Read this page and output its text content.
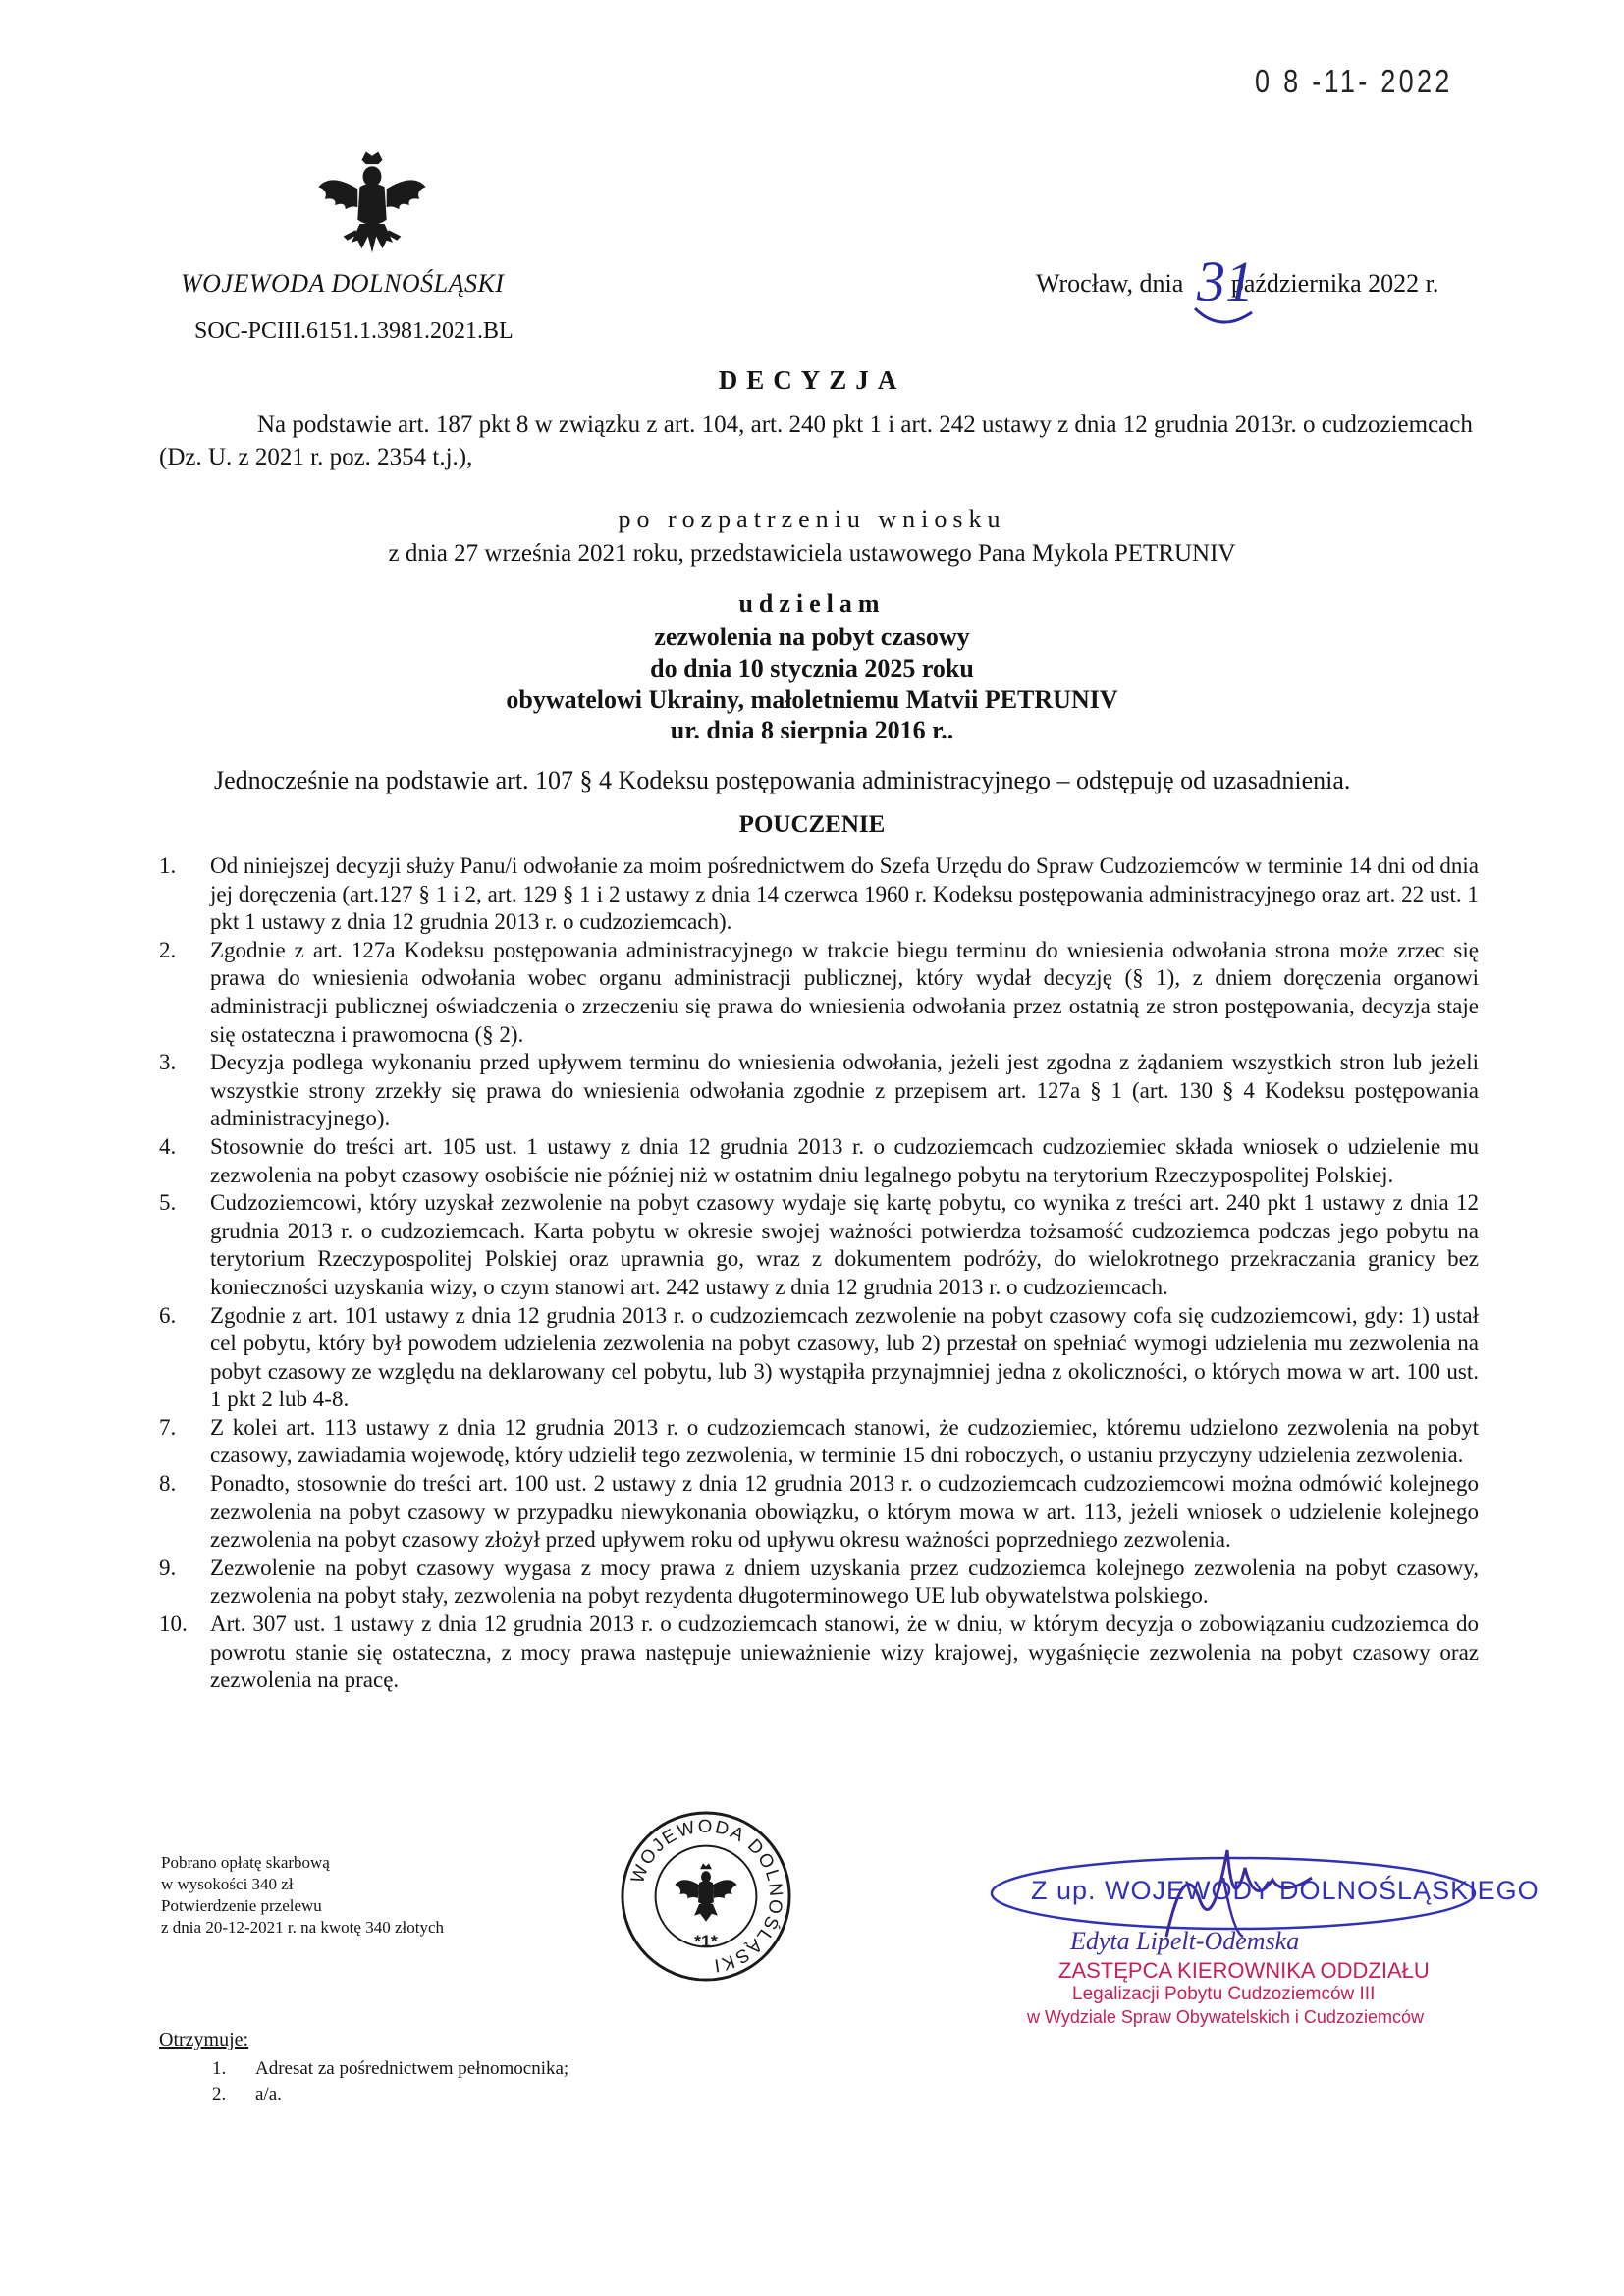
0 8 -11- 2022
WOJEWODA DOLNOŚLĄSKI
SOC-PCIII.6151.1.3981.2021.BL
Wrocław, dnia października 2022 r.
31
DECYZJA
Na podstawie art. 187 pkt 8 w związku z art. 104, art. 240 pkt 1 i art. 242 ustawy z dnia 12 grudnia 2013r. o cudzoziemcach (Dz. U. z 2021 r. poz. 2354 t.j.),
po rozpatrzeniu wniosku
z dnia 27 września 2021 roku, przedstawiciela ustawowego Pana Mykola PETRUNIV
udzielam
zezwolenia na pobyt czasowy
do dnia 10 stycznia 2025 roku
obywatelowi Ukrainy, małoletniemu Matvii PETRUNIV
ur. dnia 8 sierpnia 2016 r..
Jednocześnie na podstawie art. 107 § 4 Kodeksu postępowania administracyjnego – odstępuję od uzasadnienia.
POUCZENIE
1. Od niniejszej decyzji służy Panu/i odwołanie za moim pośrednictwem do Szefa Urzędu do Spraw Cudzoziemców w terminie 14 dni od dnia jej doręczenia (art.127 § 1 i 2, art. 129 § 1 i 2 ustawy z dnia 14 czerwca 1960 r. Kodeksu postępowania administracyjnego oraz art. 22 ust. 1 pkt 1 ustawy z dnia 12 grudnia 2013 r. o cudzoziemcach).
2. Zgodnie z art. 127a Kodeksu postępowania administracyjnego w trakcie biegu terminu do wniesienia odwołania strona może zrzec się prawa do wniesienia odwołania wobec organu administracji publicznej, który wydał decyzję (§ 1), z dniem doręczenia organowi administracji publicznej oświadczenia o zrzeczeniu się prawa do wniesienia odwołania przez ostatnią ze stron postępowania, decyzja staje się ostateczna i prawomocna (§ 2).
3. Decyzja podlega wykonaniu przed upływem terminu do wniesienia odwołania, jeżeli jest zgodna z żądaniem wszystkich stron lub jeżeli wszystkie strony zrzekły się prawa do wniesienia odwołania zgodnie z przepisem art. 127a § 1 (art. 130 § 4 Kodeksu postępowania administracyjnego).
4. Stosownie do treści art. 105 ust. 1 ustawy z dnia 12 grudnia 2013 r. o cudzoziemcach cudzoziemiec składa wniosek o udzielenie mu zezwolenia na pobyt czasowy osobiście nie później niż w ostatnim dniu legalnego pobytu na terytorium Rzeczypospolitej Polskiej.
5. Cudzoziemcowi, który uzyskał zezwolenie na pobyt czasowy wydaje się kartę pobytu, co wynika z treści art. 240 pkt 1 ustawy z dnia 12 grudnia 2013 r. o cudzoziemcach. Karta pobytu w okresie swojej ważności potwierdza tożsamość cudzoziemca podczas jego pobytu na terytorium Rzeczypospolitej Polskiej oraz uprawnia go, wraz z dokumentem podróży, do wielokrotnego przekraczania granicy bez konieczności uzyskania wizy, o czym stanowi art. 242 ustawy z dnia 12 grudnia 2013 r. o cudzoziemcach.
6. Zgodnie z art. 101 ustawy z dnia 12 grudnia 2013 r. o cudzoziemcach zezwolenie na pobyt czasowy cofa się cudzoziemcowi, gdy: 1) ustał cel pobytu, który był powodem udzielenia zezwolenia na pobyt czasowy, lub 2) przestał on spełniać wymogi udzielenia mu zezwolenia na pobyt czasowy ze względu na deklarowany cel pobytu, lub 3) wystąpiła przynajmniej jedna z okoliczności, o których mowa w art. 100 ust. 1 pkt 2 lub 4-8.
7. Z kolei art. 113 ustawy z dnia 12 grudnia 2013 r. o cudzoziemcach stanowi, że cudzoziemiec, któremu udzielono zezwolenia na pobyt czasowy, zawiadamia wojewodę, który udzielił tego zezwolenia, w terminie 15 dni roboczych, o ustaniu przyczyny udzielenia zezwolenia.
8. Ponadto, stosownie do treści art. 100 ust. 2 ustawy z dnia 12 grudnia 2013 r. o cudzoziemcach cudzoziemcowi można odmówić kolejnego zezwolenia na pobyt czasowy w przypadku niewykonania obowiązku, o którym mowa w art. 113, jeżeli wniosek o udzielenie kolejnego zezwolenia na pobyt czasowy złożył przed upływem roku od upływu okresu ważności poprzedniego zezwolenia.
9. Zezwolenie na pobyt czasowy wygasa z mocy prawa z dniem uzyskania przez cudzoziemca kolejnego zezwolenia na pobyt czasowy, zezwolenia na pobyt stały, zezwolenia na pobyt rezydenta długoterminowego UE lub obywatelstwa polskiego.
10. Art. 307 ust. 1 ustawy z dnia 12 grudnia 2013 r. o cudzoziemcach stanowi, że w dniu, w którym decyzja o zobowiązaniu cudzoziemca do powrotu stanie się ostateczna, z mocy prawa następuje unieważnienie wizy krajowej, wygaśnięcie zezwolenia na pobyt czasowy oraz zezwolenia na pracę.
Pobrano opłatę skarbową
w wysokości 340 zł
Potwierdzenie przelewu
z dnia 20-12-2021 r. na kwotę 340 złotych
WOJEWODA DOLNOŚLĄSKI
*1*
Z up. WOJEWODY DOLNOŚLĄSKIEGO
Edyta Lipelt-Odemska
ZASTĘPCA KIEROWNIKA ODDZIAŁU
Legalizacji Pobytu Cudzoziemców III
w Wydziale Spraw Obywatelskich i Cudzoziemców
Otrzymuje:
1. Adresat za pośrednictwem pełnomocnika;
2. a/a.
